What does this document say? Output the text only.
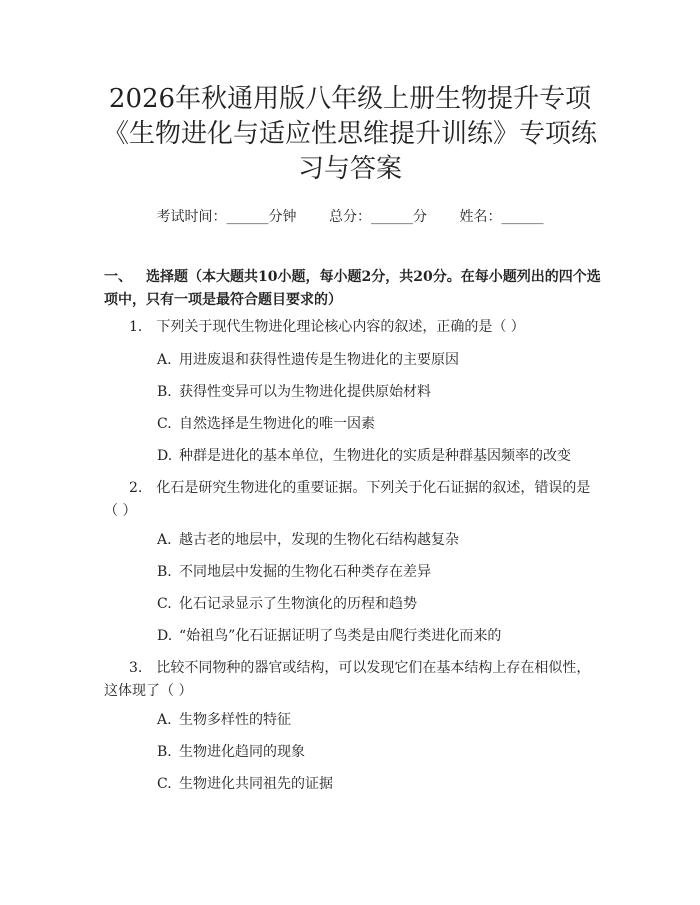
2026年秋通用版八年级上册生物提升专项
《生物进化与适应性思维提升训练》专项练
习与答案
考试时间：______分钟 总分：______分 姓名：______
一、 选择题（本大题共10小题，每小题2分，共20分。在每小题列出的四个选项中，只有一项是最符合题目要求的）
1. 下列关于现代生物进化理论核心内容的叙述，正确的是（ ）
A. 用进废退和获得性遗传是生物进化的主要原因
B. 获得性变异可以为生物进化提供原始材料
C. 自然选择是生物进化的唯一因素
D. 种群是进化的基本单位，生物进化的实质是种群基因频率的改变
2. 化石是研究生物进化的重要证据。下列关于化石证据的叙述，错误的是（ ）
A. 越古老的地层中，发现的生物化石结构越复杂
B. 不同地层中发掘的生物化石种类存在差异
C. 化石记录显示了生物演化的历程和趋势
D. “始祖鸟”化石证据证明了鸟类是由爬行类进化而来的
3. 比较不同物种的器官或结构，可以发现它们在基本结构上存在相似性，这体现了（ ）
A. 生物多样性的特征
B. 生物进化趋同的现象
C. 生物进化共同祖先的证据
